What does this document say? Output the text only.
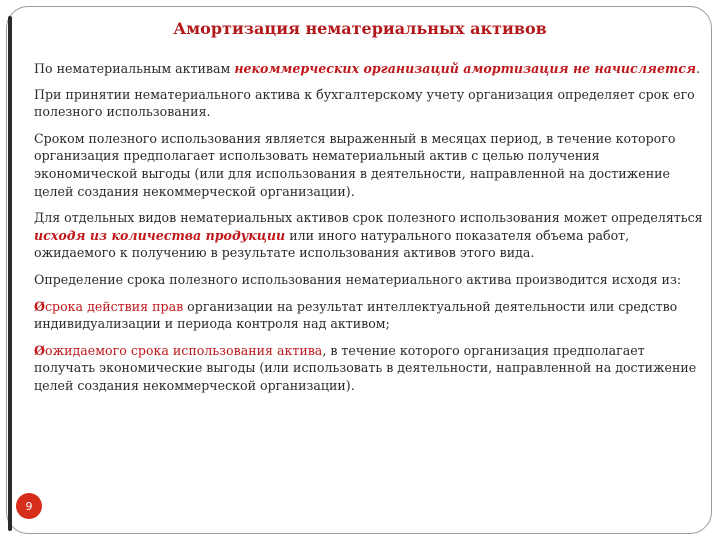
Амортизация нематериальных активов

По нематериальным активам некоммерческих организаций амортизация не начисляется.

При принятии нематериального актива к бухгалтерскому учету организация определяет срок его полезного использования.

Сроком полезного использования является выраженный в месяцах период, в течение которого организация предполагает использовать нематериальный актив с целью получения экономической выгоды (или для использования в деятельности, направленной на достижение целей создания некоммерческой организации).

Для отдельных видов нематериальных активов срок полезного использования может определяться исходя из количества продукции или иного натурального показателя объема работ, ожидаемого к получению в результате использования активов этого вида.

Определение срока полезного использования нематериального актива производится исходя из:

Øсрока действия прав организации на результат интеллектуальной деятельности или средство индивидуализации и периода контроля над активом;

Øожидаемого срока использования актива, в течение которого организация предполагает получать экономические выгоды (или использовать в деятельности, направленной на достижение целей создания некоммерческой организации).

9
